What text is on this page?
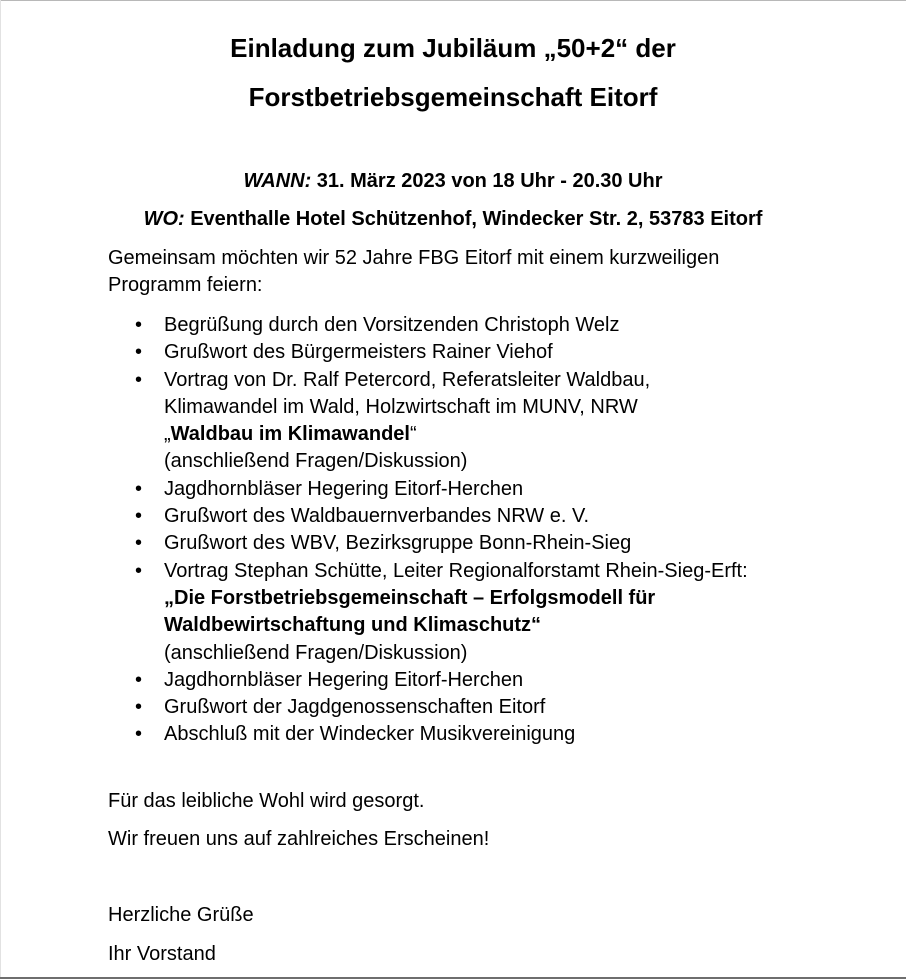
Einladung zum Jubiläum „50+2“ der
Forstbetriebsgemeinschaft Eitorf
WANN: 31. März 2023 von 18 Uhr - 20.30 Uhr
WO: Eventhalle Hotel Schützenhof, Windecker Str. 2, 53783 Eitorf

Gemeinsam möchten wir 52 Jahre FBG Eitorf mit einem kurzweiligen
Programm feiern:

• Begrüßung durch den Vorsitzenden Christoph Welz
• Grußwort des Bürgermeisters Rainer Viehof
• Vortrag von Dr. Ralf Petercord, Referatsleiter Waldbau,
Klimawandel im Wald, Holzwirtschaft im MUNV, NRW
„Waldbau im Klimawandel“
(anschließend Fragen/Diskussion)
• Jagdhornbläser Hegering Eitorf-Herchen
• Grußwort des Waldbauernverbandes NRW e. V.
• Grußwort des WBV, Bezirksgruppe Bonn-Rhein-Sieg
• Vortrag Stephan Schütte, Leiter Regionalforstamt Rhein-Sieg-Erft:
„Die Forstbetriebsgemeinschaft – Erfolgsmodell für
Waldbewirtschaftung und Klimaschutz“
(anschließend Fragen/Diskussion)
• Jagdhornbläser Hegering Eitorf-Herchen
• Grußwort der Jagdgenossenschaften Eitorf
• Abschluß mit der Windecker Musikvereinigung

Für das leibliche Wohl wird gesorgt.

Wir freuen uns auf zahlreiches Erscheinen!

Herzliche Grüße

Ihr Vorstand
